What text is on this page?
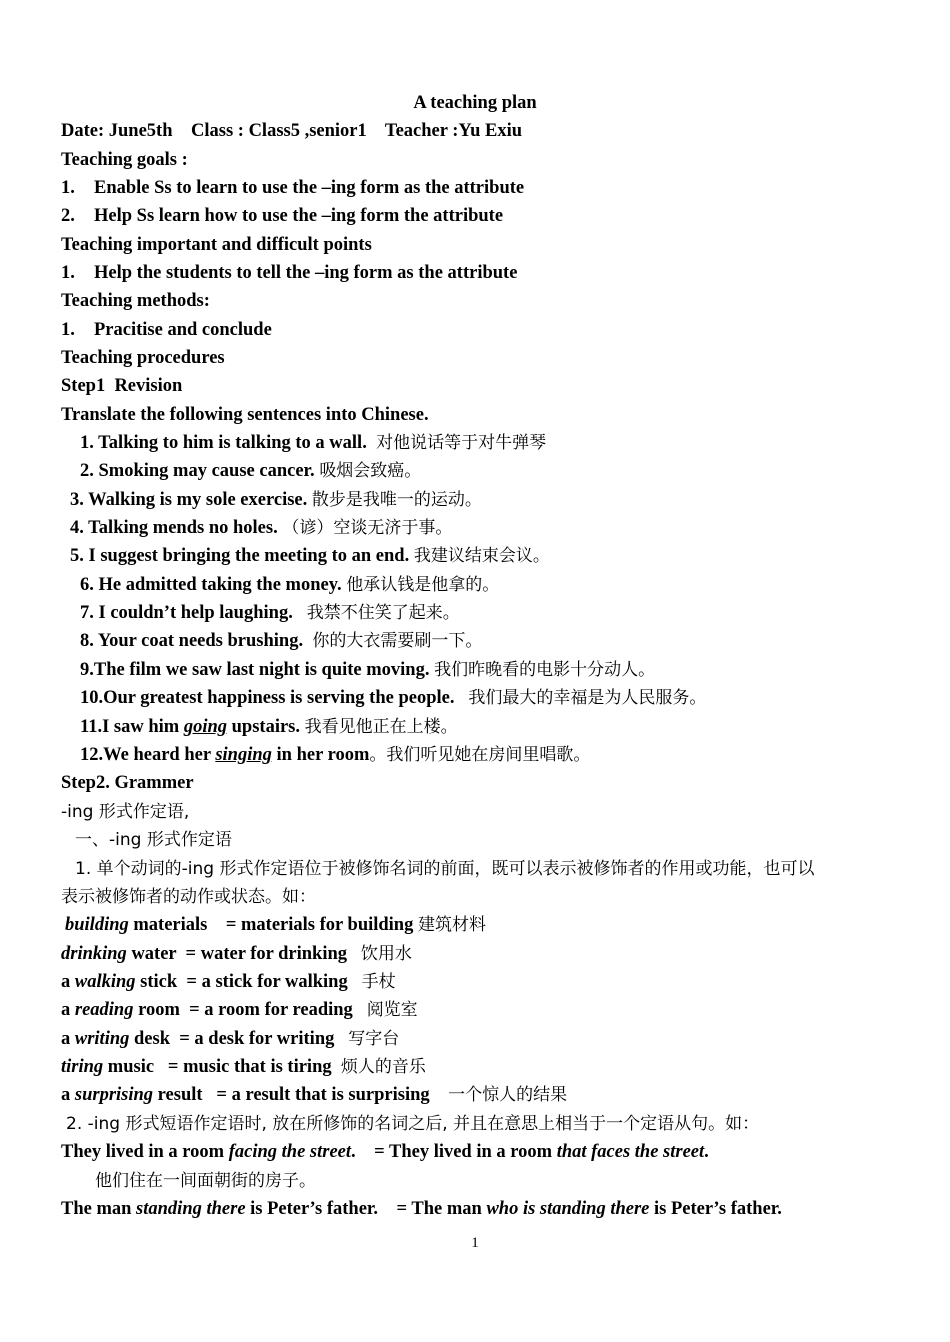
A teaching plan
Date: June5th    Class : Class5 ,senior1    Teacher :Yu Exiu
Teaching goals :
1. Enable Ss to learn to use the –ing form as the attribute
2. Help Ss learn how to use the –ing form the attribute
Teaching important and difficult points
1. Help the students to tell the –ing form as the attribute
Teaching methods:
1. Pracitise and conclude
Teaching procedures
Step1  Revision
Translate the following sentences into Chinese.
1. Talking to him is talking to a wall.  对他说话等于对牛弹琴
2. Smoking may cause cancer. 吸烟会致癌。
3. Walking is my sole exercise. 散步是我唯一的运动。
4. Talking mends no holes. （谚）空谈无济于事。
5. I suggest bringing the meeting to an end. 我建议结束会议。
6. He admitted taking the money. 他承认钱是他拿的。
7. I couldn’t help laughing.   我禁不住笑了起来。
8. Your coat needs brushing.  你的大衣需要刷一下。
9.The film we saw last night is quite moving. 我们昨晚看的电影十分动人。
10.Our greatest happiness is serving the people.   我们最大的幸福是为人民服务。
11.I saw him going upstairs. 我看见他正在上楼。
12.We heard her singing in her room。我们听见她在房间里唱歌。
Step2. Grammer
-ing 形式作定语,
一、-ing 形式作定语
1. 单个动词的-ing 形式作定语位于被修饰名词的前面，既可以表示被修饰者的作用或功能，也可以
表示被修饰者的动作或状态。如：
building materials    = materials for building 建筑材料
drinking water  = water for drinking   饮用水
a walking stick  = a stick for walking   手杖
a reading room  = a room for reading   阅览室
a writing desk  = a desk for writing   写字台
tiring music   = music that is tiring  烦人的音乐
a surprising result   = a result that is surprising    一个惊人的结果
2. -ing 形式短语作定语时, 放在所修饰的名词之后, 并且在意思上相当于一个定语从句。如：
They lived in a room facing the street.    = They lived in a room that faces the street.
他们住在一间面朝街的房子。
The man standing there is Peter’s father.    = The man who is standing there is Peter’s father.
1
